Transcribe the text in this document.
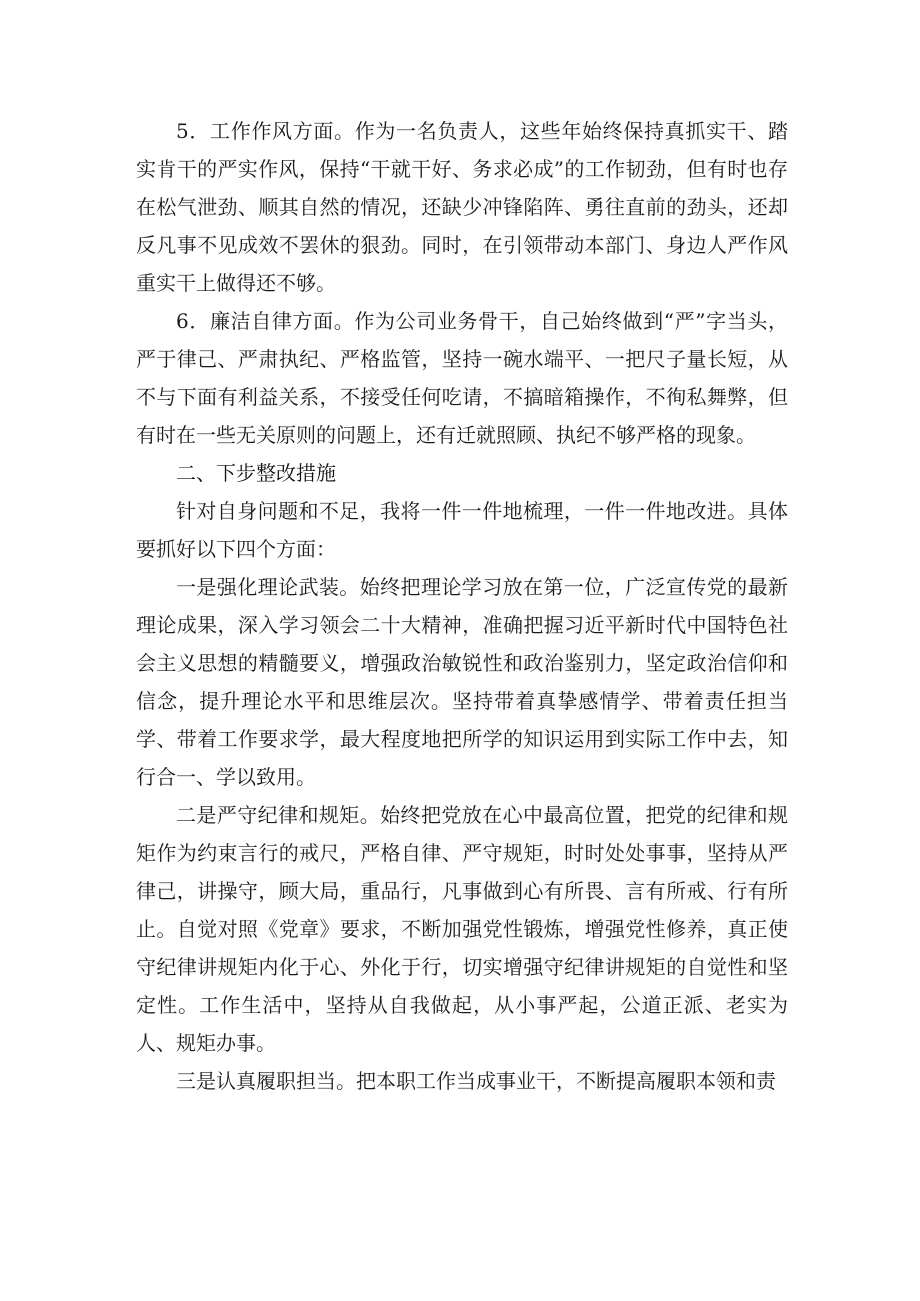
5．工作作风方面。作为一名负责人，这些年始终保持真抓实干、踏实肯干的严实作风，保持“干就干好、务求必成”的工作韧劲，但有时也存在松气泄劲、顺其自然的情况，还缺少冲锋陷阵、勇往直前的劲头，还却反凡事不见成效不罢休的狠劲。同时，在引领带动本部门、身边人严作风重实干上做得还不够。

6．廉洁自律方面。作为公司业务骨干，自己始终做到“严”字当头，严于律己、严肃执纪、严格监管，坚持一碗水端平、一把尺子量长短，从不与下面有利益关系，不接受任何吃请，不搞暗箱操作，不徇私舞弊，但有时在一些无关原则的问题上，还有迁就照顾、执纪不够严格的现象。

二、下步整改措施

针对自身问题和不足，我将一件一件地梳理，一件一件地改进。具体要抓好以下四个方面：

一是强化理论武装。始终把理论学习放在第一位，广泛宣传党的最新理论成果，深入学习领会二十大精神，准确把握习近平新时代中国特色社会主义思想的精髓要义，增强政治敏锐性和政治鉴别力，坚定政治信仰和信念，提升理论水平和思维层次。坚持带着真挚感情学、带着责任担当学、带着工作要求学，最大程度地把所学的知识运用到实际工作中去，知行合一、学以致用。

二是严守纪律和规矩。始终把党放在心中最高位置，把党的纪律和规矩作为约束言行的戒尺，严格自律、严守规矩，时时处处事事，坚持从严律己，讲操守，顾大局，重品行，凡事做到心有所畏、言有所戒、行有所止。自觉对照《党章》要求，不断加强党性锻炼，增强党性修养，真正使守纪律讲规矩内化于心、外化于行，切实增强守纪律讲规矩的自觉性和坚定性。工作生活中，坚持从自我做起，从小事严起，公道正派、老实为人、规矩办事。

三是认真履职担当。把本职工作当成事业干，不断提高履职本领和责
